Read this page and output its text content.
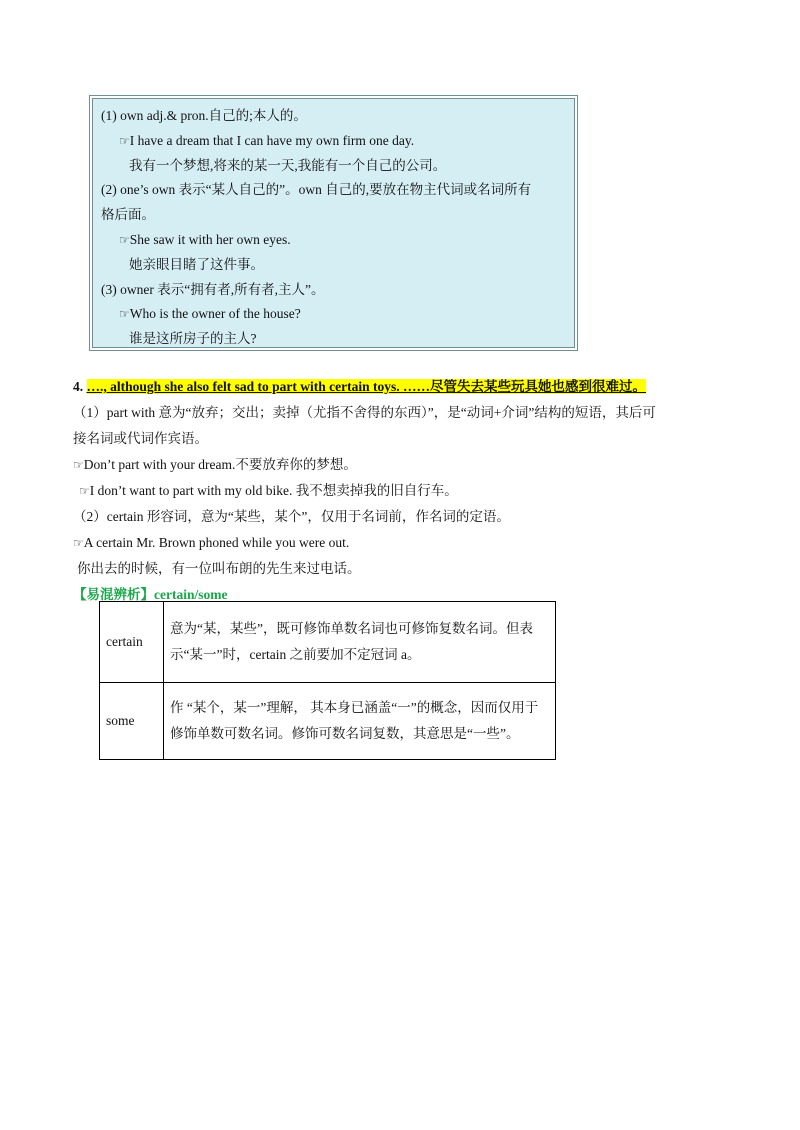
(1) own adj.& pron.自己的;本人的。
☞I have a dream that I can have my own firm one day.
我有一个梦想,将来的某一天,我能有一个自己的公司。
(2) one’s own 表示“某人自己的”。own 自己的,要放在物主代词或名词所有
格后面。
☞She saw it with her own eyes.
她亲眼目睹了这件事。
(3) owner 表示“拥有者,所有者,主人”。
☞Who is the owner of the house?
谁是这所房子的主人?
4. …., although she also felt sad to part with certain toys. ……尽管失去某些玩具她也感到很难过。
（1）part with 意为“放弃；交出；卖掉（尤指不舍得的东西）”，是“动词+介词”结构的短语，其后可
接名词或代词作宾语。
☞Don’t part with your dream.不要放弃你的梦想。
☞I don’t want to part with my old bike. 我不想卖掉我的旧自行车。
（2）certain 形容词，意为“某些，某个”，仅用于名词前，作名词的定语。
☞A certain Mr. Brown phoned while you were out.
你出去的时候，有一位叫布朗的先生来过电话。
【易混辨析】certain/some
certain	意为“某，某些”，既可修饰单数名词也可修饰复数名词。但表示“某一”时，certain 之前要加不定冠词 a。
some	作 “某个，某一”理解， 其本身已涵盖“一”的概念，因而仅用于修饰单数可数名词。修饰可数名词复数，其意思是“一些”。
